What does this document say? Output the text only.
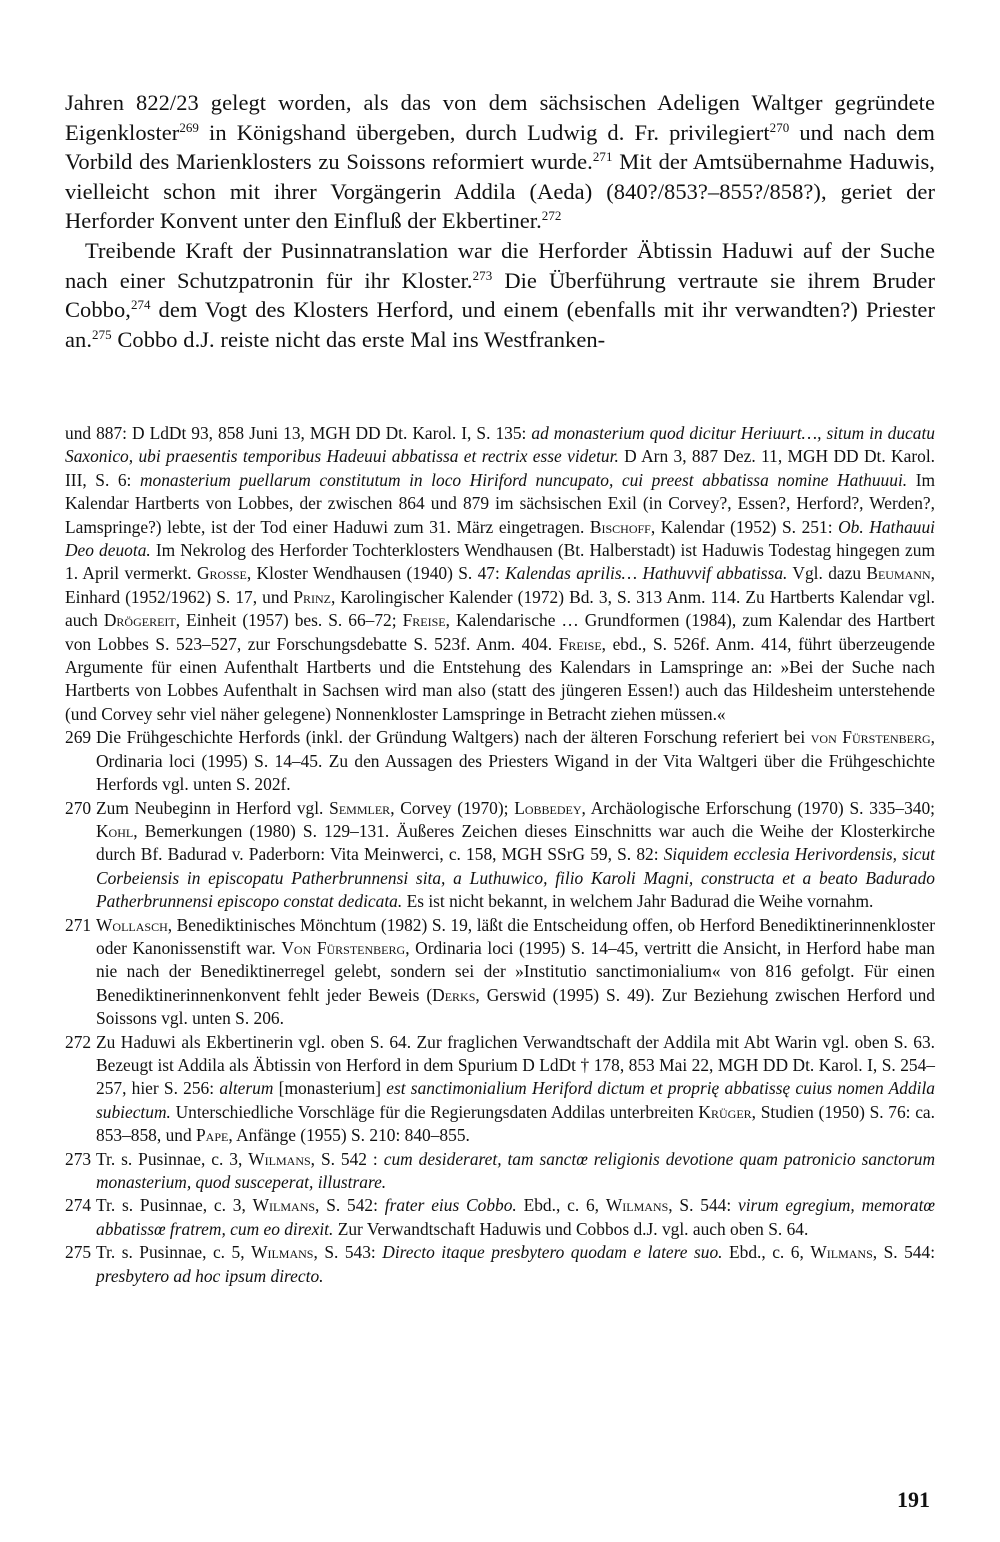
Jahren 822/23 gelegt worden, als das von dem sächsischen Adeligen Waltger gegründete Eigenkloster$^{269}$ in Königshand übergeben, durch Ludwig d. Fr. privilegiert$^{270}$ und nach dem Vorbild des Marienklosters zu Soissons reformiert wurde.$^{271}$ Mit der Amtsübernahme Haduwis, vielleicht schon mit ihrer Vorgängerin Addila (Aeda) (840?/853?–855?/858?), geriet der Herforder Konvent unter den Einfluß der Ekbertiner.$^{272}$

Treibende Kraft der Pusinnatranslation war die Herforder Äbtissin Haduwi auf der Suche nach einer Schutzpatronin für ihr Kloster.$^{273}$ Die Überführung vertraute sie ihrem Bruder Cobbo,$^{274}$ dem Vogt des Klosters Herford, und einem (ebenfalls mit ihr verwandten?) Priester an.$^{275}$ Cobbo d.J. reiste nicht das erste Mal ins Westfranken-

und 887: D LdDt 93, 858 Juni 13, MGH DD Dt. Karol. I, S. 135: ad monasterium quod dicitur Heriuurt…, situm in ducatu Saxonico, ubi praesentis temporibus Hadeuui abbatissa et rectrix esse videtur. D Arn 3, 887 Dez. 11, MGH DD Dt. Karol. III, S. 6: monasterium puellarum constitutum in loco Hiriford nuncupato, cui preest abbatissa nomine Hathuuui. Im Kalendar Hartberts von Lobbes, der zwischen 864 und 879 im sächsischen Exil (in Corvey?, Essen?, Herford?, Werden?, Lamspringe?) lebte, ist der Tod einer Haduwi zum 31. März eingetragen. Bischoff, Kalendar (1952) S. 251: Ob. Hathauui Deo deuota. Im Nekrolog des Herforder Tochterklosters Wendhausen (Bt. Halberstadt) ist Haduwis Todestag hingegen zum 1. April vermerkt. Grosse, Kloster Wendhausen (1940) S. 47: Kalendas aprilis… Hathuvvif abbatissa. Vgl. dazu Beumann, Einhard (1952/1962) S. 17, und Prinz, Karolingischer Kalender (1972) Bd. 3, S. 313 Anm. 114. Zu Hartberts Kalendar vgl. auch Drögereit, Einheit (1957) bes. S. 66–72; Freise, Kalendarische … Grundformen (1984), zum Kalendar des Hartbert von Lobbes S. 523–527, zur Forschungsdebatte S. 523f. Anm. 404. Freise, ebd., S. 526f. Anm. 414, führt überzeugende Argumente für einen Aufenthalt Hartberts und die Entstehung des Kalendars in Lamspringe an: »Bei der Suche nach Hartberts von Lobbes Aufenthalt in Sachsen wird man also (statt des jüngeren Essen!) auch das Hildesheim unterstehende (und Corvey sehr viel näher gelegene) Nonnenkloster Lamspringe in Betracht ziehen müssen.«
269 Die Frühgeschichte Herfords (inkl. der Gründung Waltgers) nach der älteren Forschung referiert bei von Fürstenberg, Ordinaria loci (1995) S. 14–45. Zu den Aussagen des Priesters Wigand in der Vita Waltgeri über die Frühgeschichte Herfords vgl. unten S. 202f.
270 Zum Neubeginn in Herford vgl. Semmler, Corvey (1970); Lobbedey, Archäologische Erforschung (1970) S. 335–340; Kohl, Bemerkungen (1980) S. 129–131. Äußeres Zeichen dieses Einschnitts war auch die Weihe der Klosterkirche durch Bf. Badurad v. Paderborn: Vita Meinwerci, c. 158, MGH SSrG 59, S. 82: Siquidem ecclesia Herivordensis, sicut Corbeiensis in episcopatu Patherbrunnensi sita, a Luthuwico, filio Karoli Magni, constructa et a beato Badurado Patherbrunnensi episcopo constat dedicata. Es ist nicht bekannt, in welchem Jahr Badurad die Weihe vornahm.
271 Wollasch, Benediktinisches Mönchtum (1982) S. 19, läßt die Entscheidung offen, ob Herford Benediktinerinnenkloster oder Kanonissenstift war. Von Fürstenberg, Ordinaria loci (1995) S. 14–45, vertritt die Ansicht, in Herford habe man nie nach der Benediktinerregel gelebt, sondern sei der »Institutio sanctimonialium« von 816 gefolgt. Für einen Benediktinerinnenkonvent fehlt jeder Beweis (Derks, Gerswid (1995) S. 49). Zur Beziehung zwischen Herford und Soissons vgl. unten S. 206.
272 Zu Haduwi als Ekbertinerin vgl. oben S. 64. Zur fraglichen Verwandtschaft der Addila mit Abt Warin vgl. oben S. 63. Bezeugt ist Addila als Äbtissin von Herford in dem Spurium D LdDt † 178, 853 Mai 22, MGH DD Dt. Karol. I, S. 254–257, hier S. 256: alterum [monasterium] est sanctimonialium Heriford dictum et proprię abbatissę cuius nomen Addila subiectum. Unterschiedliche Vorschläge für die Regierungsdaten Addilas unterbreiten Krüger, Studien (1950) S. 76: ca. 853–858, und Pape, Anfänge (1955) S. 210: 840–855.
273 Tr. s. Pusinnae, c. 3, Wilmans, S. 542 : cum desideraret, tam sanctœ religionis devotione quam patronicio sanctorum monasterium, quod susceperat, illustrare.
274 Tr. s. Pusinnae, c. 3, Wilmans, S. 542: frater eius Cobbo. Ebd., c. 6, Wilmans, S. 544: virum egregium, memoratœ abbatissœ fratrem, cum eo direxit. Zur Verwandtschaft Haduwis und Cobbos d.J. vgl. auch oben S. 64.
275 Tr. s. Pusinnae, c. 5, Wilmans, S. 543: Directo itaque presbytero quodam e latere suo. Ebd., c. 6, Wilmans, S. 544: presbytero ad hoc ipsum directo.
191
